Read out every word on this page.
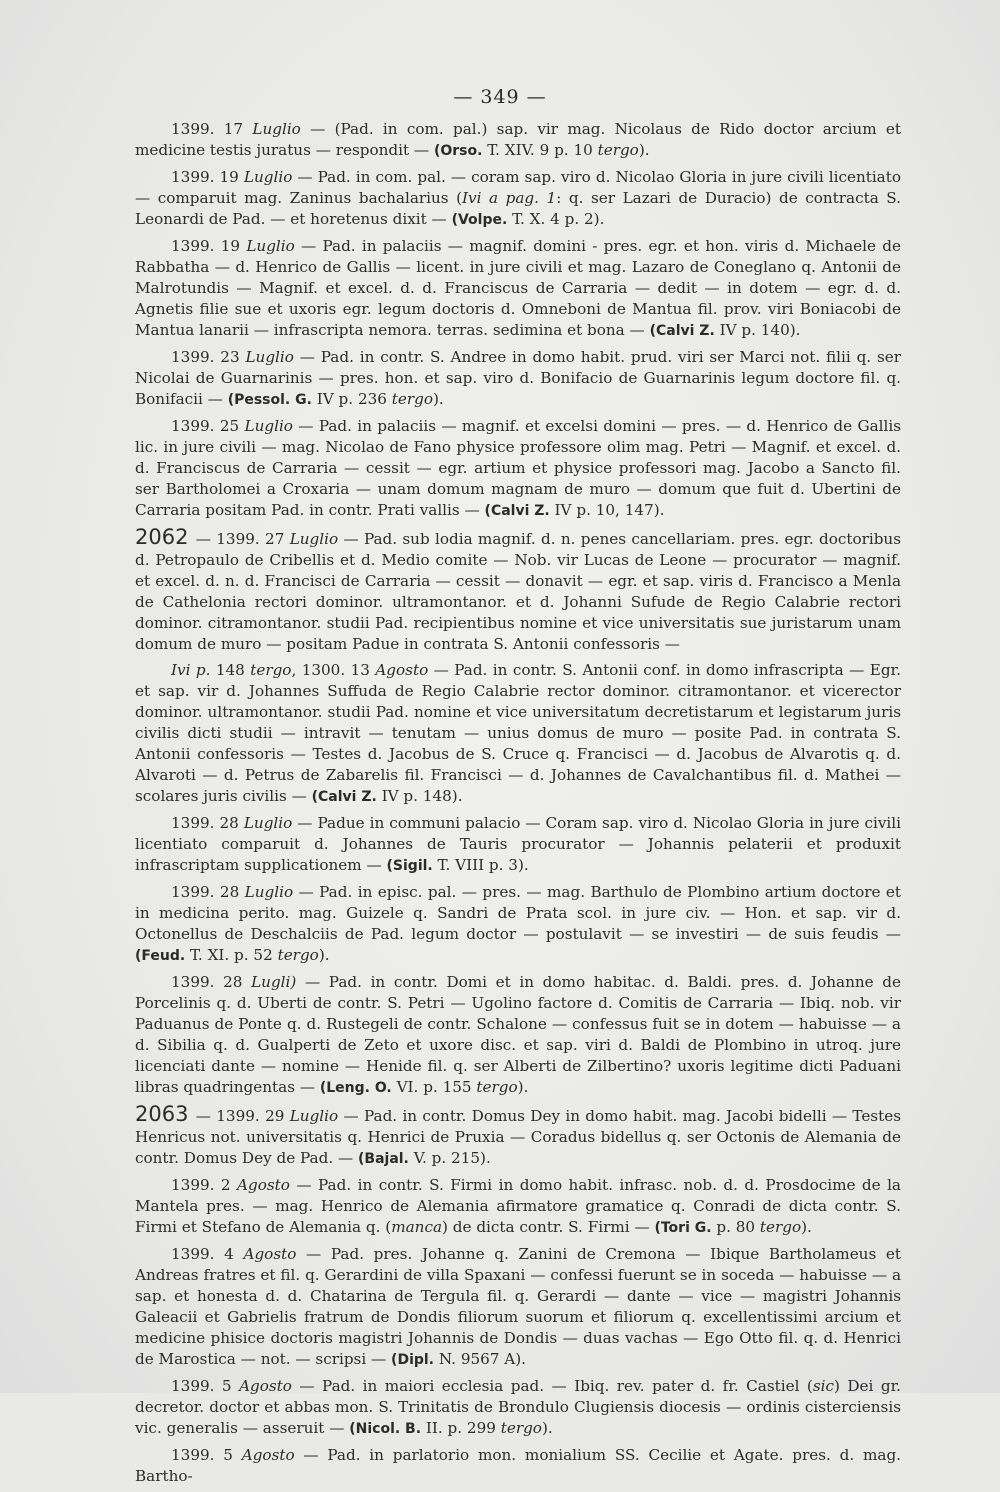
— 349 —

1399. 17 Luglio — (Pad. in com. pal.) sap. vir mag. Nicolaus de Rido doctor arcium et medicine testis juratus — respondit — (Orso. T. XIV. 9 p. 10 tergo).

1399. 19 Luglio — Pad. in com. pal. — coram sap. viro d. Nicolao Gloria in jure civili licentiato — comparuit mag. Zaninus bachalarius (Ivi a pag. 1: q. ser Lazari de Duracio) de contracta S. Leonardi de Pad. — et horetenus dixit — (Volpe. T. X. 4 p. 2).

1399. 19 Luglio — Pad. in palaciis — magnif. domini - pres. egr. et hon. viris d. Michaele de Rabbatha — d. Henrico de Gallis — licent. in jure civili et mag. Lazaro de Coneglano q. Antonii de Malrotundis — Magnif. et excel. d. d. Franciscus de Carraria — dedit — in dotem — egr. d. d. Agnetis filie sue et uxoris egr. legum doctoris d. Omneboni de Mantua fil. prov. viri Boniacobi de Mantua lanarii — infrascripta nemora. terras. sedimina et bona — (Calvi Z. IV p. 140).

1399. 23 Luglio — Pad. in contr. S. Andree in domo habit. prud. viri ser Marci not. filii q. ser Nicolai de Guarnarinis — pres. hon. et sap. viro d. Bonifacio de Guarnarinis legum doctore fil. q. Bonifacii — (Pessol. G. IV p. 236 tergo).

1399. 25 Luglio — Pad. in palaciis — magnif. et excelsi domini — pres. — d. Henrico de Gallis lic. in jure civili — mag. Nicolao de Fano physice professore olim mag. Petri — Magnif. et excel. d. d. Franciscus de Carraria — cessit — egr. artium et physice professori mag. Jacobo a Sancto fil. ser Bartholomei a Croxaria — unam domum magnam de muro — domum que fuit d. Ubertini de Carraria positam Pad. in contr. Prati vallis — (Calvi Z. IV p. 10, 147).

2062 — 1399. 27 Luglio — Pad. sub lodia magnif. d. n. penes cancellariam. pres. egr. doctoribus d. Petropaulo de Cribellis et d. Medio comite — Nob. vir Lucas de Leone — procurator — magnif. et excel. d. n. d. Francisci de Carraria — cessit — donavit — egr. et sap. viris d. Francisco a Menla de Cathelonia rectori dominor. ultramontanor. et d. Johanni Sufude de Regio Calabrie rectori dominor. citramontanor. studii Pad. recipientibus nomine et vice universitatis sue juristarum unam domum de muro — positam Padue in contrata S. Antonii confessoris —

Ivi p. 148 tergo, 1300. 13 Agosto — Pad. in contr. S. Antonii conf. in domo infrascripta — Egr. et sap. vir d. Johannes Suffuda de Regio Calabrie rector dominor. citramontanor. et vicerector dominor. ultramontanor. studii Pad. nomine et vice universitatum decretistarum et legistarum juris civilis dicti studii — intravit — tenutam — unius domus de muro — posite Pad. in contrata S. Antonii confessoris — Testes d. Jacobus de S. Cruce q. Francisci — d. Jacobus de Alvarotis q. d. Alvaroti — d. Petrus de Zabarelis fil. Francisci — d. Johannes de Cavalchantibus fil. d. Mathei — scolares juris civilis — (Calvi Z. IV p. 148).

1399. 28 Luglio — Padue in communi palacio — Coram sap. viro d. Nicolao Gloria in jure civili licentiato comparuit d. Johannes de Tauris procurator — Johannis pelaterii et produxit infrascriptam supplicationem — (Sigil. T. VIII p. 3).

1399. 28 Luglio — Pad. in episc. pal. — pres. — mag. Barthulo de Plombino artium doctore et in medicina perito. mag. Guizele q. Sandri de Prata scol. in jure civ. — Hon. et sap. vir d. Octonellus de Deschalciis de Pad. legum doctor — postulavit — se investiri — de suis feudis — (Feud. T. XI. p. 52 tergo).

1399. 28 Lugli) — Pad. in contr. Domi et in domo habitac. d. Baldi. pres. d. Johanne de Porcelinis q. d. Uberti de contr. S. Petri — Ugolino factore d. Comitis de Carraria — Ibiq. nob. vir Paduanus de Ponte q. d. Rustegeli de contr. Schalone — confessus fuit se in dotem — habuisse — a d. Sibilia q. d. Gualperti de Zeto et uxore disc. et sap. viri d. Baldi de Plombino in utroq. jure licenciati dante — nomine — Henide fil. q. ser Alberti de Zilbertino? uxoris legitime dicti Paduani libras quadringentas — (Leng. O. VI. p. 155 tergo).

2063 — 1399. 29 Luglio — Pad. in contr. Domus Dey in domo habit. mag. Jacobi bidelli — Testes Henricus not. universitatis q. Henrici de Pruxia — Coradus bidellus q. ser Octonis de Alemania de contr. Domus Dey de Pad. — (Bajal. V. p. 215).

1399. 2 Agosto — Pad. in contr. S. Firmi in domo habit. infrasc. nob. d. d. Prosdocime de la Mantela pres. — mag. Henrico de Alemania afirmatore gramatice q. Conradi de dicta contr. S. Firmi et Stefano de Alemania q. (manca) de dicta contr. S. Firmi — (Tori G. p. 80 tergo).

1399. 4 Agosto — Pad. pres. Johanne q. Zanini de Cremona — Ibique Bartholameus et Andreas fratres et fil. q. Gerardini de villa Spaxani — confessi fuerunt se in soceda — habuisse — a sap. et honesta d. d. Chatarina de Tergula fil. q. Gerardi — dante — vice — magistri Johannis Galeacii et Gabrielis fratrum de Dondis filiorum suorum et filiorum q. excellentissimi arcium et medicine phisice doctoris magistri Johannis de Dondis — duas vachas — Ego Otto fil. q. d. Henrici de Marostica — not. — scripsi — (Dipl. N. 9567 A).

1399. 5 Agosto — Pad. in maiori ecclesia pad. — Ibiq. rev. pater d. fr. Castiel (sic) Dei gr. decretor. doctor et abbas mon. S. Trinitatis de Brondulo Clugiensis diocesis — ordinis cisterciensis vic. generalis — asseruit — (Nicol. B. II. p. 299 tergo).

1399. 5 Agosto — Pad. in parlatorio mon. monialium SS. Cecilie et Agate. pres. d. mag. Bartho-
